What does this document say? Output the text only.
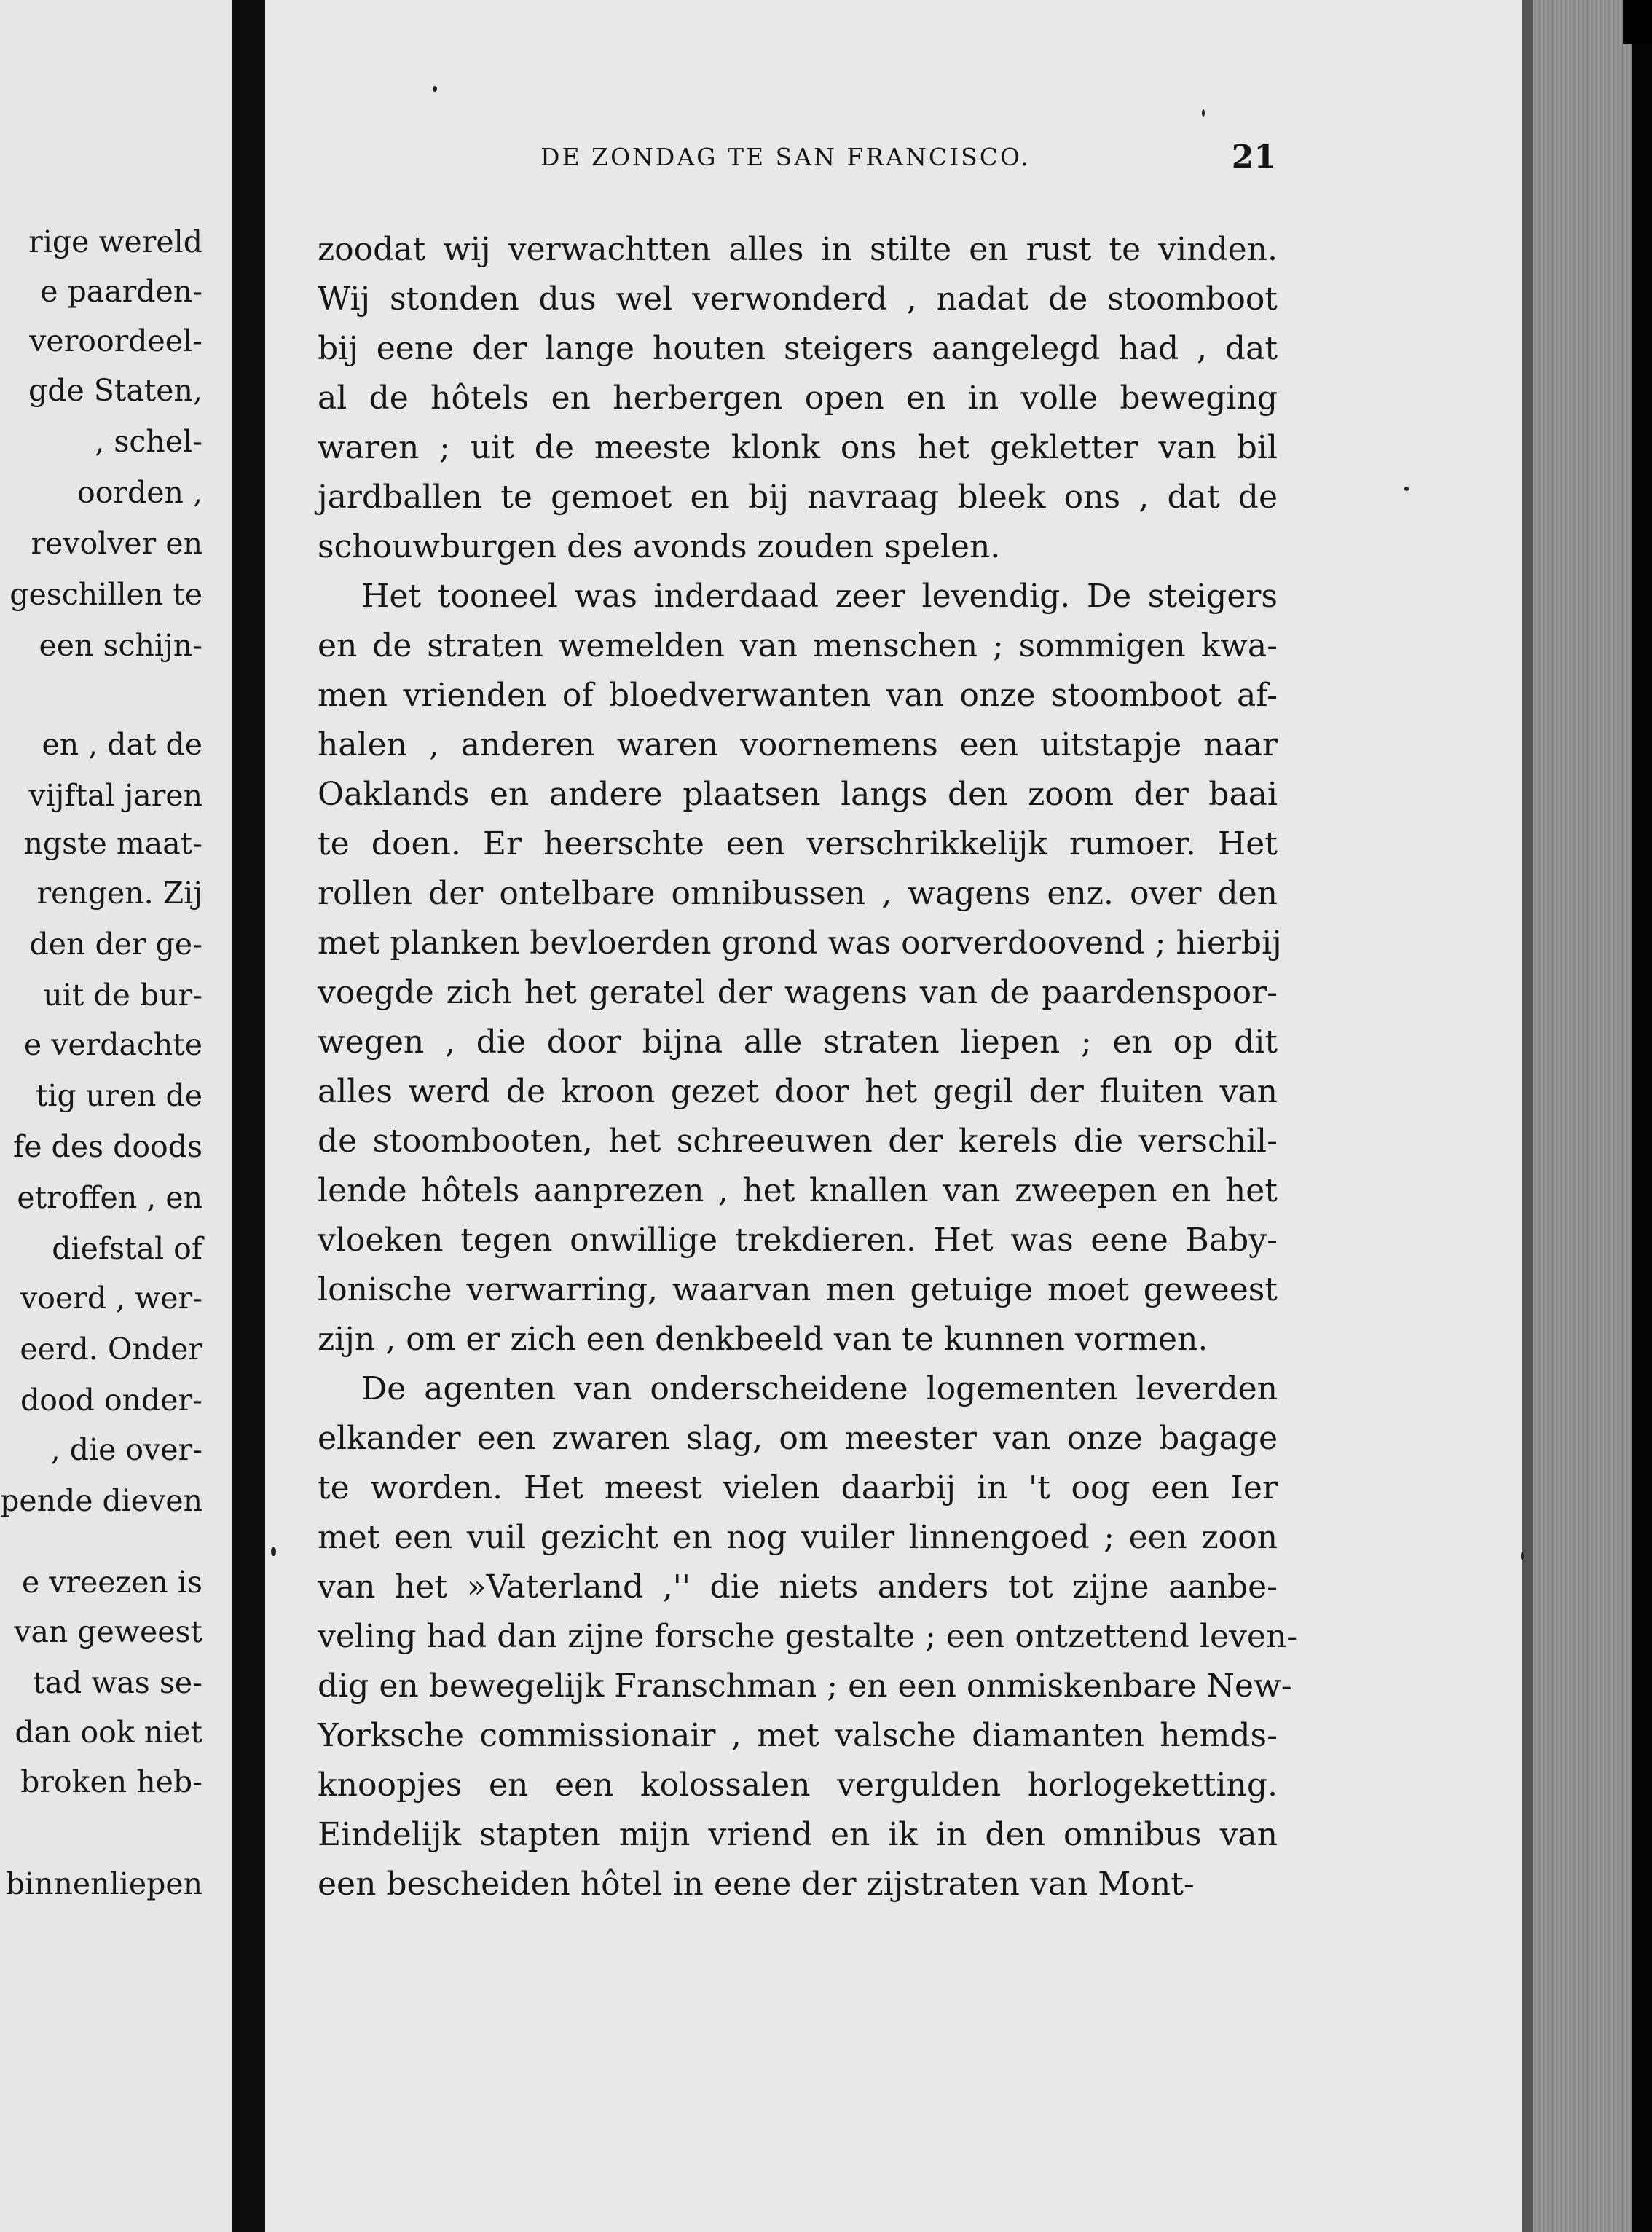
rige wereld
e paarden-
veroordeel-
gde Staten,
, schel-
oorden ,
revolver en
geschillen te
een schijn-
en , dat de
vijftal jaren
ngste maat-
rengen. Zij
den der ge-
uit de bur-
e verdachte
tig uren de
fe des doods
etroffen , en
diefstal of
voerd , wer-
eerd. Onder
dood onder-
, die over-
pende dieven
e vreezen is
van geweest
tad was se-
dan ook niet
broken heb-
binnenliepen
DE ZONDAG TE SAN FRANCISCO.	21
zoodat wij verwachtten alles in stilte en rust te vinden.
Wij stonden dus wel verwonderd , nadat de stoomboot
bij eene der lange houten steigers aangelegd had , dat
al de hôtels en herbergen open en in volle beweging
waren ; uit de meeste klonk ons het gekletter van bil
jardballen te gemoet en bij navraag bleek ons , dat de
schouwburgen des avonds zouden spelen.
Het tooneel was inderdaad zeer levendig. De steigers
en de straten wemelden van menschen ; sommigen kwa-
men vrienden of bloedverwanten van onze stoomboot af-
halen , anderen waren voornemens een uitstapje naar
Oaklands en andere plaatsen langs den zoom der baai
te doen. Er heerschte een verschrikkelijk rumoer. Het
rollen der ontelbare omnibussen , wagens enz. over den
met planken bevloerden grond was oorverdoovend ; hierbij
voegde zich het geratel der wagens van de paardenspoor-
wegen , die door bijna alle straten liepen ; en op dit
alles werd de kroon gezet door het gegil der fluiten van
de stoombooten, het schreeuwen der kerels die verschil-
lende hôtels aanprezen , het knallen van zweepen en het
vloeken tegen onwillige trekdieren. Het was eene Baby-
lonische verwarring, waarvan men getuige moet geweest
zijn , om er zich een denkbeeld van te kunnen vormen.
De agenten van onderscheidene logementen leverden
elkander een zwaren slag, om meester van onze bagage
te worden. Het meest vielen daarbij in 't oog een Ier
met een vuil gezicht en nog vuiler linnengoed ; een zoon
van het »Vaterland ,'' die niets anders tot zijne aanbe-
veling had dan zijne forsche gestalte ; een ontzettend leven-
dig en bewegelijk Franschman ; en een onmiskenbare New-
Yorksche commissionair , met valsche diamanten hemds-
knoopjes en een kolossalen vergulden horlogeketting.
Eindelijk stapten mijn vriend en ik in den omnibus van
een bescheiden hôtel in eene der zijstraten van Mont-
